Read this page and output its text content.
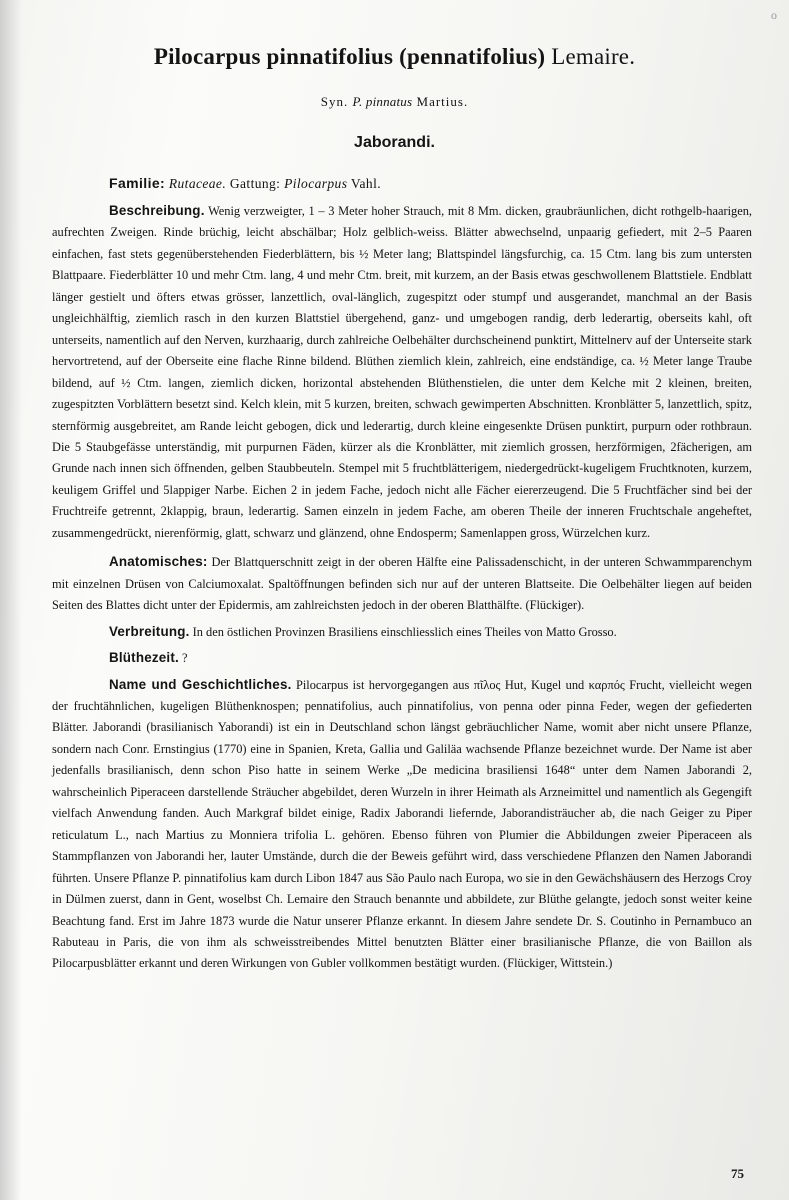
o
Pilocarpus pinnatifolius (pennatifolius) Lemaire.
Syn. P. pinnatus Martius.
Jaborandi.
Familie: Rutaceae. Gattung: Pilocarpus Vahl.

Beschreibung. Wenig verzweigter, 1 – 3 Meter hoher Strauch, mit 8 Mm. dicken, graubräunlichen, dicht rothgelb-haarigen, aufrechten Zweigen. Rinde brüchig, leicht abschälbar; Holz gelblich-weiss. Blätter abwechselnd, unpaarig gefiedert, mit 2–5 Paaren einfachen, fast stets gegenüberstehenden Fiederblättern, bis ½ Meter lang; Blattspindel längsfurchig, ca. 15 Ctm. lang bis zum untersten Blattpaare. Fiederblätter 10 und mehr Ctm. lang, 4 und mehr Ctm. breit, mit kurzem, an der Basis etwas geschwollenem Blattstiele. Endblatt länger gestielt und öfters etwas grösser, lanzettlich, oval-länglich, zugespitzt oder stumpf und ausgerandet, manchmal an der Basis ungleichhälftig, ziemlich rasch in den kurzen Blattstiel übergehend, ganz- und umgebogen randig, derb lederartig, oberseits kahl, oft unterseits, namentlich auf den Nerven, kurzhaarig, durch zahlreiche Oelbehälter durchscheinend punktirt, Mittelnerv auf der Unterseite stark hervortretend, auf der Oberseite eine flache Rinne bildend. Blüthen ziemlich klein, zahlreich, eine endständige, ca. ½ Meter lange Traube bildend, auf ½ Ctm. langen, ziemlich dicken, horizontal abstehenden Blüthenstielen, die unter dem Kelche mit 2 kleinen, breiten, zugespitzten Vorblättern besetzt sind. Kelch klein, mit 5 kurzen, breiten, schwach gewimperten Abschnitten. Kronblätter 5, lanzettlich, spitz, sternförmig ausgebreitet, am Rande leicht gebogen, dick und lederartig, durch kleine eingesenkte Drüsen punktirt, purpurn oder rothbraun. Die 5 Staubgefässe unterständig, mit purpurnen Fäden, kürzer als die Kronblätter, mit ziemlich grossen, herzförmigen, 2fächerigen, am Grunde nach innen sich öffnenden, gelben Staubbeuteln. Stempel mit 5 fruchtblätterigem, niedergedrückt-kugeligem Fruchtknoten, kurzem, keuligem Griffel und 5lappiger Narbe. Eichen 2 in jedem Fache, jedoch nicht alle Fächer eiererzeugend. Die 5 Fruchtfächer sind bei der Fruchtreife getrennt, 2klappig, braun, lederartig. Samen einzeln in jedem Fache, am oberen Theile der inneren Fruchtschale angeheftet, zusammengedrückt, nierenförmig, glatt, schwarz und glänzend, ohne Endosperm; Samenlappen gross, Würzelchen kurz.

Anatomisches: Der Blattquerschnitt zeigt in der oberen Hälfte eine Palissadenschicht, in der unteren Schwammparenchym mit einzelnen Drüsen von Calciumoxalat. Spaltöffnungen befinden sich nur auf der unteren Blattseite. Die Oelbehälter liegen auf beiden Seiten des Blattes dicht unter der Epidermis, am zahlreichsten jedoch in der oberen Blatthälfte. (Flückiger).

Verbreitung. In den östlichen Provinzen Brasiliens einschliesslich eines Theiles von Matto Grosso.

Blüthezeit. ?

Name und Geschichtliches. Pilocarpus ist hervorgegangen aus πῖλος Hut, Kugel und καρπός Frucht, vielleicht wegen der fruchtähnlichen, kugeligen Blüthenknospen; pennatifolius, auch pinnatifolius, von penna oder pinna Feder, wegen der gefiederten Blätter. Jaborandi (brasilianisch Yaborandi) ist ein in Deutschland schon längst gebräuchlicher Name, womit aber nicht unsere Pflanze, sondern nach Conr. Ernstingius (1770) eine in Spanien, Kreta, Gallia und Galiläa wachsende Pflanze bezeichnet wurde. Der Name ist aber jedenfalls brasilianisch, denn schon Piso hatte in seinem Werke „De medicina brasiliensi 1648“ unter dem Namen Jaborandi 2, wahrscheinlich Piperaceen darstellende Sträucher abgebildet, deren Wurzeln in ihrer Heimath als Arzneimittel und namentlich als Gegengift vielfach Anwendung fanden. Auch Markgraf bildet einige, Radix Jaborandi liefernde, Jaborandisträucher ab, die nach Geiger zu Piper reticulatum L., nach Martius zu Monniera trifolia L. gehören. Ebenso führen von Plumier die Abbildungen zweier Piperaceen als Stammpflanzen von Jaborandi her, lauter Umstände, durch die der Beweis geführt wird, dass verschiedene Pflanzen den Namen Jaborandi führten. Unsere Pflanze P. pinnatifolius kam durch Libon 1847 aus São Paulo nach Europa, wo sie in den Gewächshäusern des Herzogs Croy in Dülmen zuerst, dann in Gent, woselbst Ch. Lemaire den Strauch benannte und abbildete, zur Blüthe gelangte, jedoch sonst weiter keine Beachtung fand. Erst im Jahre 1873 wurde die Natur unserer Pflanze erkannt. In diesem Jahre sendete Dr. S. Coutinho in Pernambuco an Rabuteau in Paris, die von ihm als schweisstreibendes Mittel benutzten Blätter einer brasilianische Pflanze, die von Baillon als Pilocarpusblätter erkannt und deren Wirkungen von Gubler vollkommen bestätigt wurden. (Flückiger, Wittstein.)

75
